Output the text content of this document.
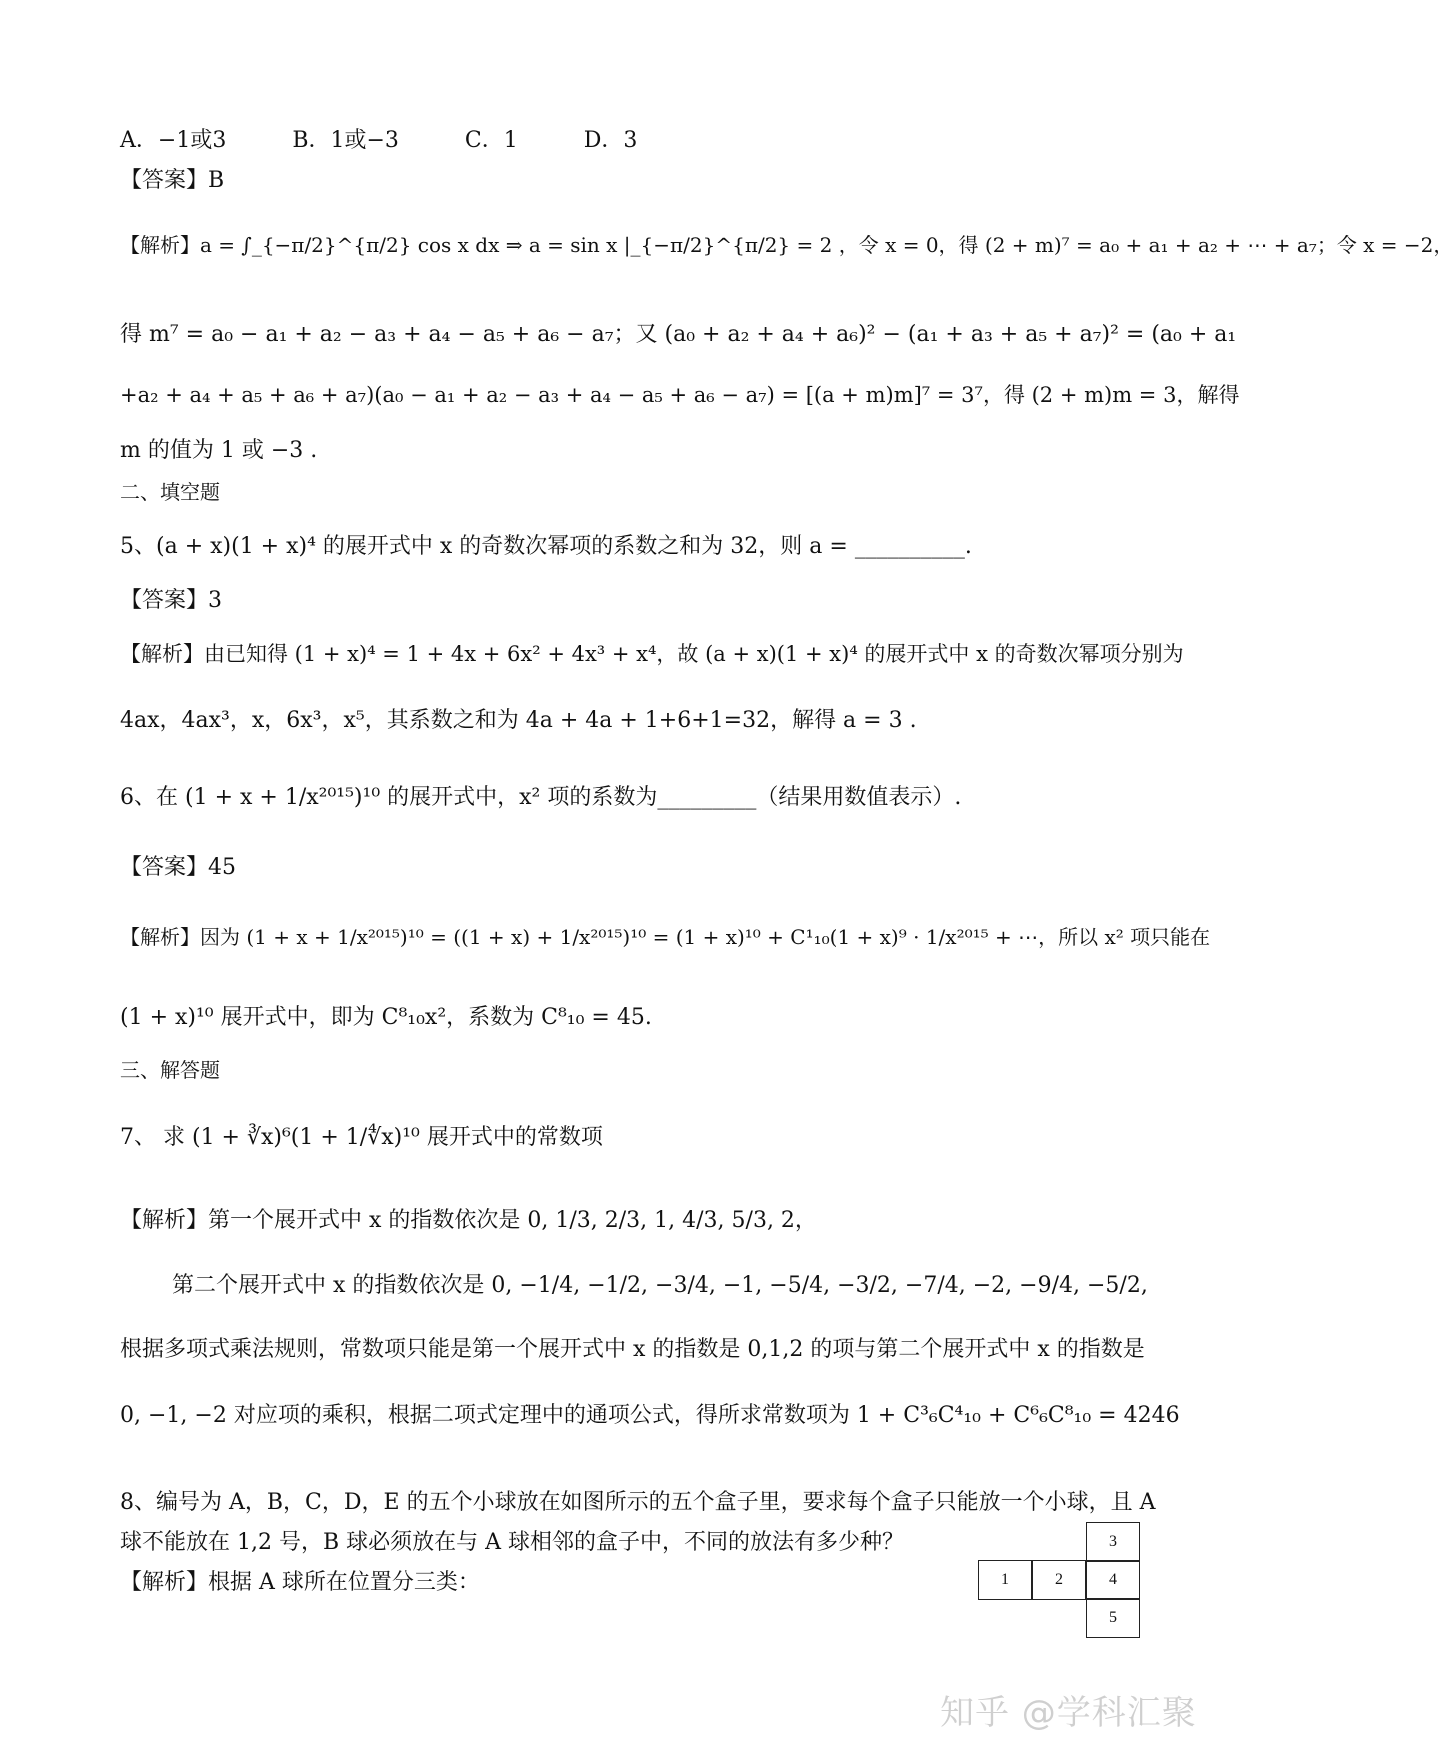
A．−1或3　　　B．1或−3　　　C．1　　　D．3
【答案】B
【解析】a = ∫_{−π/2}^{π/2} cos x dx ⇒ a = sin x |_{−π/2}^{π/2} = 2 ，令 x = 0，得 (2 + m)⁷ = a₀ + a₁ + a₂ + ⋯ + a₇；令 x = −2，
得 m⁷ = a₀ − a₁ + a₂ − a₃ + a₄ − a₅ + a₆ − a₇；又 (a₀ + a₂ + a₄ + a₆)² − (a₁ + a₃ + a₅ + a₇)² = (a₀ + a₁
+a₂ + a₄ + a₅ + a₆ + a₇)(a₀ − a₁ + a₂ − a₃ + a₄ − a₅ + a₆ − a₇) = [(a + m)m]⁷ = 3⁷，得 (2 + m)m = 3，解得
m 的值为 1 或 −3 .
二、填空题
5、(a + x)(1 + x)⁴ 的展开式中 x 的奇数次幂项的系数之和为 32，则 a = __________.
【答案】3
【解析】由已知得 (1 + x)⁴ = 1 + 4x + 6x² + 4x³ + x⁴，故 (a + x)(1 + x)⁴ 的展开式中 x 的奇数次幂项分别为
4ax，4ax³，x，6x³，x⁵，其系数之和为 4a + 4a + 1+6+1=32，解得 a = 3 .
6、在 (1 + x + 1/x²⁰¹⁵)¹⁰ 的展开式中，x² 项的系数为_________（结果用数值表示）.
【答案】45
【解析】因为 (1 + x + 1/x²⁰¹⁵)¹⁰ = ((1 + x) + 1/x²⁰¹⁵)¹⁰ = (1 + x)¹⁰ + C¹₁₀(1 + x)⁹ · 1/x²⁰¹⁵ + ⋯，所以 x² 项只能在
(1 + x)¹⁰ 展开式中，即为 C⁸₁₀x²，系数为 C⁸₁₀ = 45.
三、解答题
7、 求 (1 + ∛x)⁶(1 + 1/∜x)¹⁰ 展开式中的常数项
【解析】第一个展开式中 x 的指数依次是 0, 1/3, 2/3, 1, 4/3, 5/3, 2，
第二个展开式中 x 的指数依次是 0, −1/4, −1/2, −3/4, −1, −5/4, −3/2, −7/4, −2, −9/4, −5/2,
根据多项式乘法规则，常数项只能是第一个展开式中 x 的指数是 0,1,2 的项与第二个展开式中 x 的指数是
0, −1, −2 对应项的乘积，根据二项式定理中的通项公式，得所求常数项为 1 + C³₆C⁴₁₀ + C⁶₆C⁸₁₀ = 4246
8、编号为 A，B，C，D，E 的五个小球放在如图所示的五个盒子里，要求每个盒子只能放一个小球，且 A
球不能放在 1,2 号，B 球必须放在与 A 球相邻的盒子中，不同的放法有多少种？
【解析】根据 A 球所在位置分三类：
3
1	2	4
5
知乎 @学科汇聚
